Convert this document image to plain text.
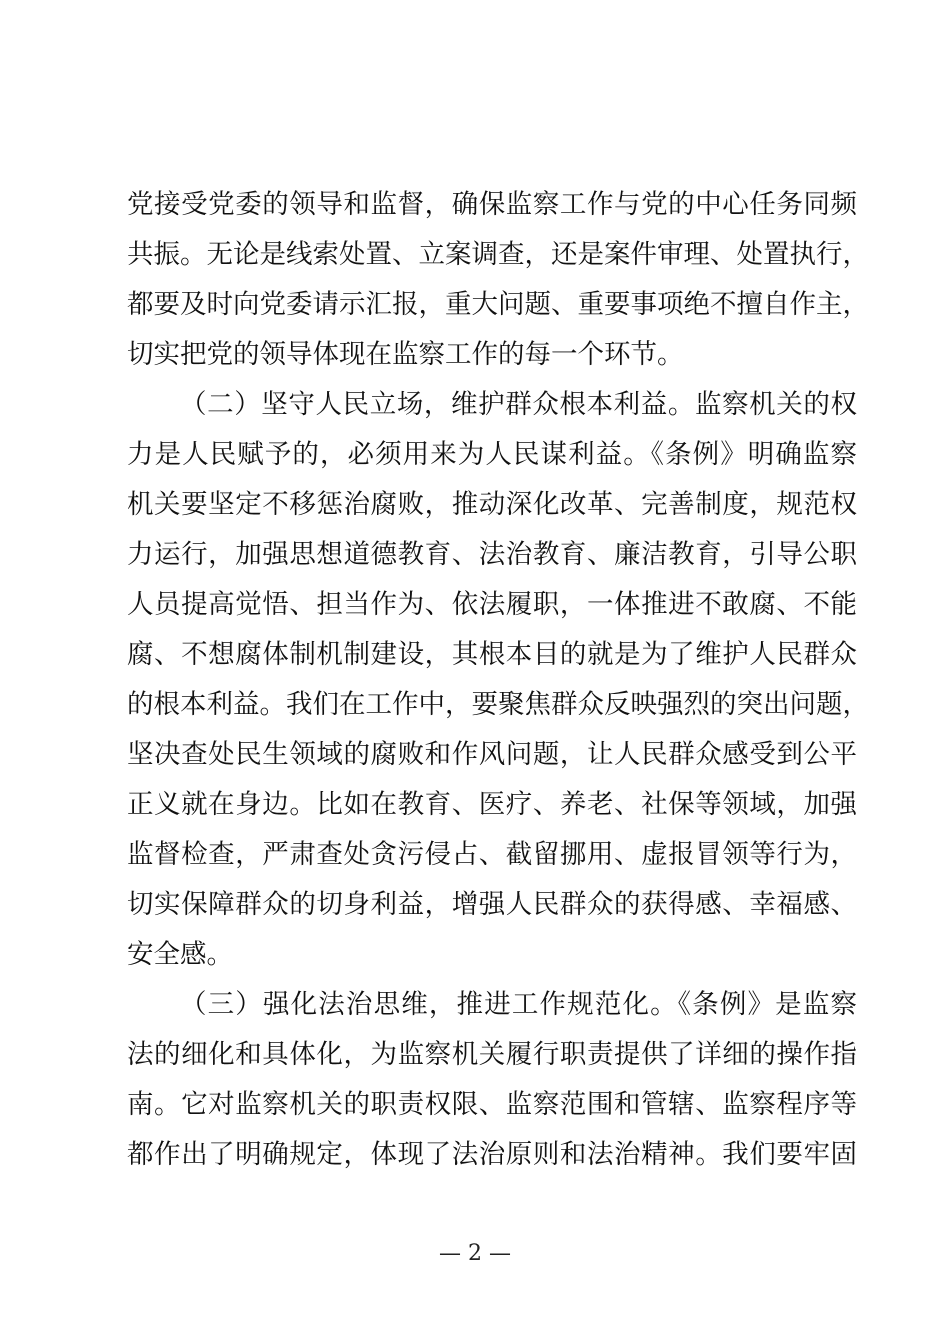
党接受党委的领导和监督，确保监察工作与党的中心任务同频
共振。无论是线索处置、立案调查，还是案件审理、处置执行，
都要及时向党委请示汇报，重大问题、重要事项绝不擅自作主，
切实把党的领导体现在监察工作的每一个环节。
（二）坚守人民立场，维护群众根本利益。监察机关的权
力是人民赋予的，必须用来为人民谋利益。《条例》明确监察
机关要坚定不移惩治腐败，推动深化改革、完善制度，规范权
力运行，加强思想道德教育、法治教育、廉洁教育，引导公职
人员提高觉悟、担当作为、依法履职，一体推进不敢腐、不能
腐、不想腐体制机制建设，其根本目的就是为了维护人民群众
的根本利益。我们在工作中，要聚焦群众反映强烈的突出问题，
坚决查处民生领域的腐败和作风问题，让人民群众感受到公平
正义就在身边。比如在教育、医疗、养老、社保等领域，加强
监督检查，严肃查处贪污侵占、截留挪用、虚报冒领等行为，
切实保障群众的切身利益，增强人民群众的获得感、幸福感、
安全感。
（三）强化法治思维，推进工作规范化。《条例》是监察
法的细化和具体化，为监察机关履行职责提供了详细的操作指
南。它对监察机关的职责权限、监察范围和管辖、监察程序等
都作出了明确规定，体现了法治原则和法治精神。我们要牢固
— 2 —
